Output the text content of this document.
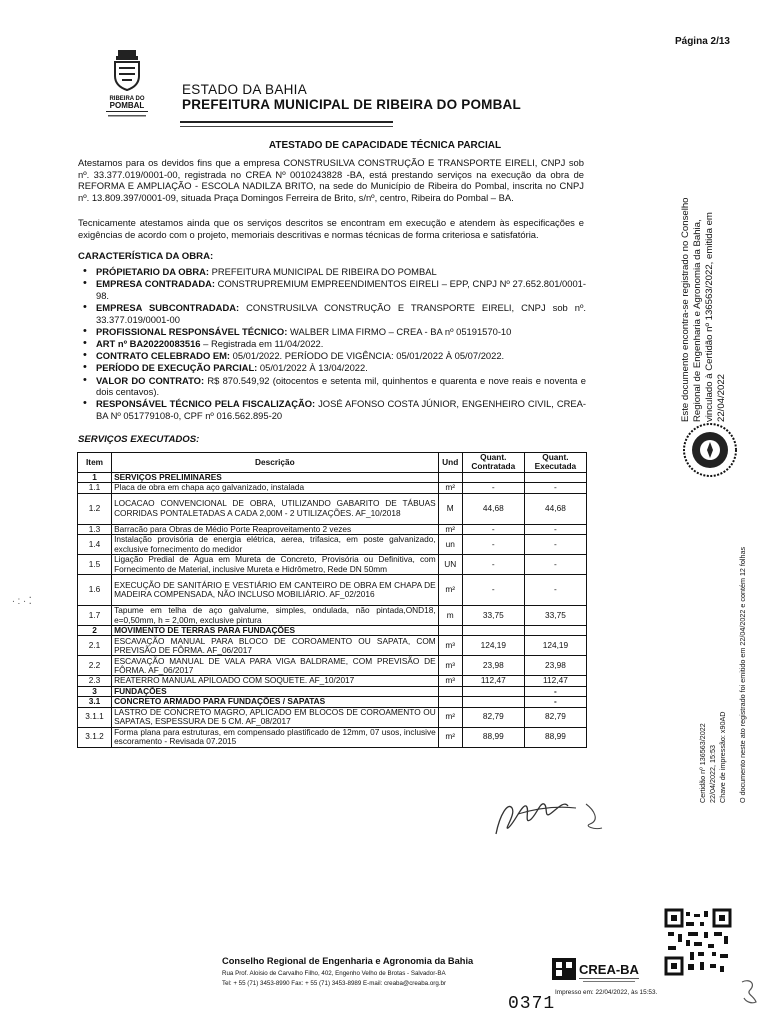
Página 2/13
RIBEIRA DO
POMBAL
ESTADO DA BAHIA
PREFEITURA MUNICIPAL DE RIBEIRA DO POMBAL
ATESTADO DE CAPACIDADE TÉCNICA PARCIAL
Atestamos para os devidos fins que a empresa CONSTRUSILVA CONSTRUÇÃO E TRANSPORTE EIRELI, CNPJ sob nº. 33.377.019/0001-00, registrada no CREA Nº 0010243828 -BA, está prestando serviços na execução da obra de REFORMA E AMPLIAÇÃO - ESCOLA NADILZA BRITO, na sede do Município de Ribeira do Pombal, inscrita no CNPJ nº. 13.809.397/0001-09, situada Praça Domingos Ferreira de Brito, s/nº, centro, Ribeira do Pombal – BA.
Tecnicamente atestamos ainda que os serviços descritos se encontram em execução e atendem às especificações e exigências de acordo com o projeto, memoriais descritivas e normas técnicas de forma criteriosa e satisfatória.
CARACTERÍSTICA DA OBRA:
• PRÓPIETARIO DA OBRA: PREFEITURA MUNICIPAL DE RIBEIRA DO POMBAL
• EMPRESA CONTRADADA: CONSTRUPREMIUM EMPREENDIMENTOS EIRELI – EPP, CNPJ Nº 27.652.801/0001-98.
• EMPRESA SUBCONTRADADA: CONSTRUSILVA CONSTRUÇÃO E TRANSPORTE EIRELI, CNPJ sob nº. 33.377.019/0001-00
• PROFISSIONAL RESPONSÁVEL TÉCNICO: WALBER LIMA FIRMO – CREA - BA nº 05191570-10
• ART nº BA20220083516 – Registrada em 11/04/2022.
• CONTRATO CELEBRADO EM: 05/01/2022. PERÍODO DE VIGÊNCIA: 05/01/2022 À 05/07/2022.
• PERÍODO DE EXECUÇÃO PARCIAL: 05/01/2022 À 13/04/2022.
• VALOR DO CONTRATO: R$ 870.549,92 (oitocentos e setenta mil, quinhentos e quarenta e nove reais e noventa e dois centavos).
• RESPONSÁVEL TÉCNICO PELA FISCALIZAÇÃO: JOSÉ AFONSO COSTA JÚNIOR, ENGENHEIRO CIVIL, CREA-BA Nº 051779108-0, CPF nº 016.562.895-20
SERVIÇOS EXECUTADOS:
Item	Descrição	Und	Quant. Contratada	Quant. Executada
1	SERVIÇOS PRELIMINARES			
1.1	Placa de obra em chapa aço galvanizado, instalada	m²	-	-
1.2	LOCACAO CONVENCIONAL DE OBRA, UTILIZANDO GABARITO DE TÁBUAS CORRIDAS PONTALETADAS A CADA 2,00M - 2 UTILIZAÇÕES. AF_10/2018	M	44,68	44,68
1.3	Barracão para Obras de Médio Porte Reaproveitamento 2 vezes	m²	-	-
1.4	Instalação provisória de energia elétrica, aerea, trifasica, em poste galvanizado, exclusive fornecimento do medidor	un	-	-
1.5	Ligação Predial de Água em Mureta de Concreto, Provisória ou Definitiva, com Fornecimento de Material, inclusive Mureta e Hidrômetro, Rede DN 50mm	UN	-	-
1.6	EXECUÇÃO DE SANITÁRIO E VESTIÁRIO EM CANTEIRO DE OBRA EM CHAPA DE MADEIRA COMPENSADA, NÃO INCLUSO MOBILIÁRIO. AF_02/2016	m²	-	-
1.7	Tapume em telha de aço galvalume, simples, ondulada, não pintada,OND18, e=0,50mm, h = 2,00m, exclusive pintura	m	33,75	33,75
2	MOVIMENTO DE TERRAS PARA FUNDAÇÕES			
2.1	ESCAVAÇÃO MANUAL PARA BLOCO DE COROAMENTO OU SAPATA, COM PREVISÃO DE FÔRMA. AF_06/2017	m³	124,19	124,19
2.2	ESCAVAÇÃO MANUAL DE VALA PARA VIGA BALDRAME, COM PREVISÃO DE FÔRMA. AF_06/2017	m³	23,98	23,98
2.3	REATERRO MANUAL APILOADO COM SOQUETE. AF_10/2017	m³	112,47	112,47
3	FUNDAÇÕES			-
3.1	CONCRETO ARMADO PARA FUNDAÇÕES / SAPATAS			-
3.1.1	LASTRO DE CONCRETO MAGRO, APLICADO EM BLOCOS DE COROAMENTO OU SAPATAS, ESPESSURA DE 5 CM. AF_08/2017	m²	82,79	82,79
3.1.2	Forma plana para estruturas, em compensado plastificado de 12mm, 07 usos, inclusive escoramento - Revisada 07.2015	m²	88,99	88,99
Este documento encontra-se registrado no Conselho Regional de Engenharia e Agronomia da Bahia, vinculado à Certidão nº 136563/2022, emitida em 22/04/2022
Certidão nº 136563/2022 22/04/2022, 15:53 Chave de impressão: x90AD O documento neste ato registrado foi emitido em 22/04/2022 e contém 12 folhas
Conselho Regional de Engenharia e Agronomia da Bahia
Rua Prof. Aloisio de Carvalho Filho, 402, Engenho Velho de Brotas - Salvador-BA
Tel: + 55 (71) 3453-8990 Fax: + 55 (71) 3453-8989 E-mail: creaba@creaba.org.br
CREA-BA
Impresso em: 22/04/2022, às 15:53.
0371
∙ : ∙ ⁚
